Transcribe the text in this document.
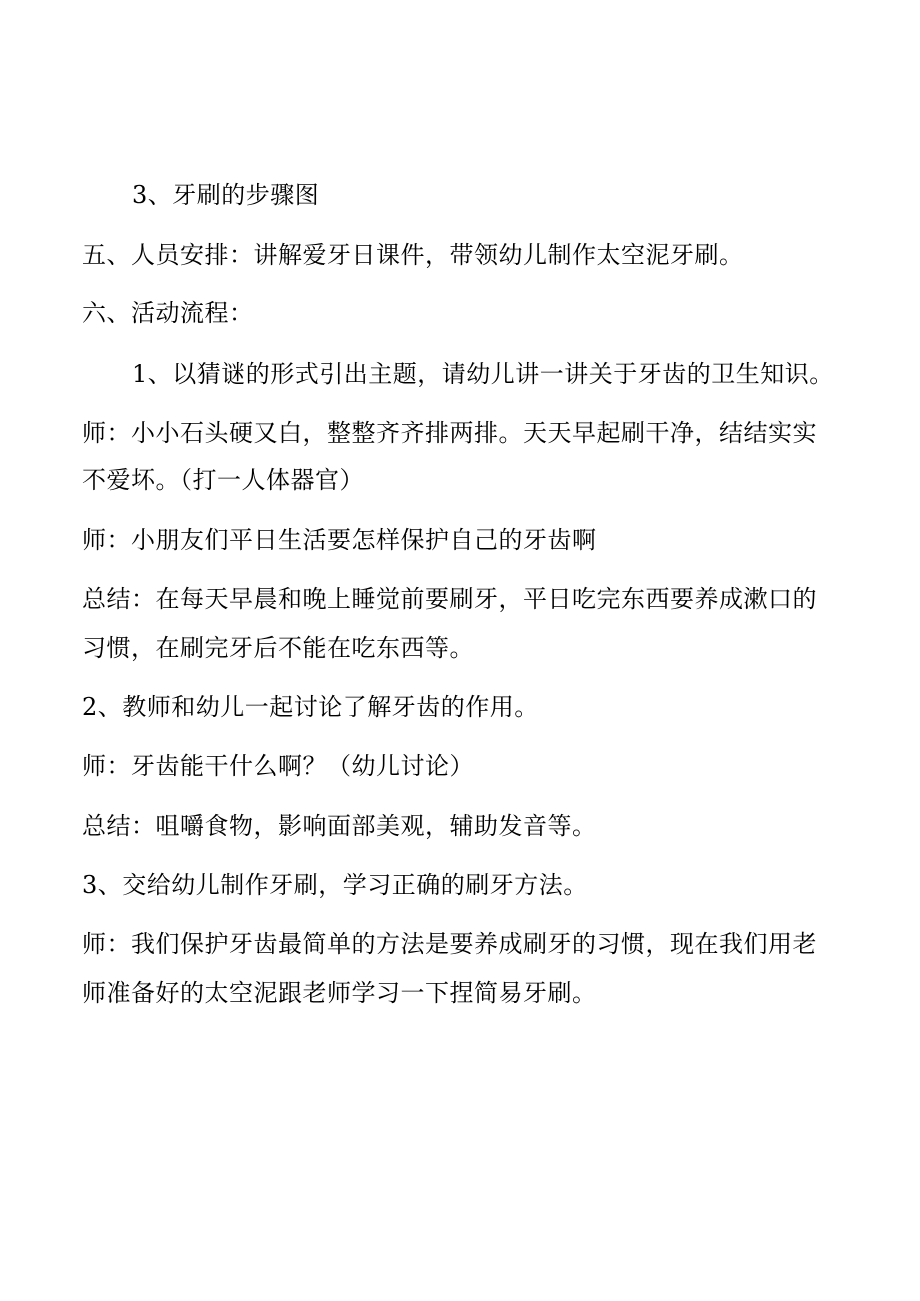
3、牙刷的步骤图
五、人员安排：讲解爱牙日课件，带领幼儿制作太空泥牙刷。
六、活动流程：
1、以猜谜的形式引出主题，请幼儿讲一讲关于牙齿的卫生知识。
师：小小石头硬又白，整整齐齐排两排。天天早起刷干净，结结实实
不爱坏。（打一人体器官）
师：小朋友们平日生活要怎样保护自己的牙齿啊
总结：在每天早晨和晚上睡觉前要刷牙，平日吃完东西要养成漱口的
习惯，在刷完牙后不能在吃东西等。
2、教师和幼儿一起讨论了解牙齿的作用。
师：牙齿能干什么啊？（幼儿讨论）
总结：咀嚼食物，影响面部美观，辅助发音等。
3、交给幼儿制作牙刷，学习正确的刷牙方法。
师：我们保护牙齿最简单的方法是要养成刷牙的习惯，现在我们用老
师准备好的太空泥跟老师学习一下捏简易牙刷。
